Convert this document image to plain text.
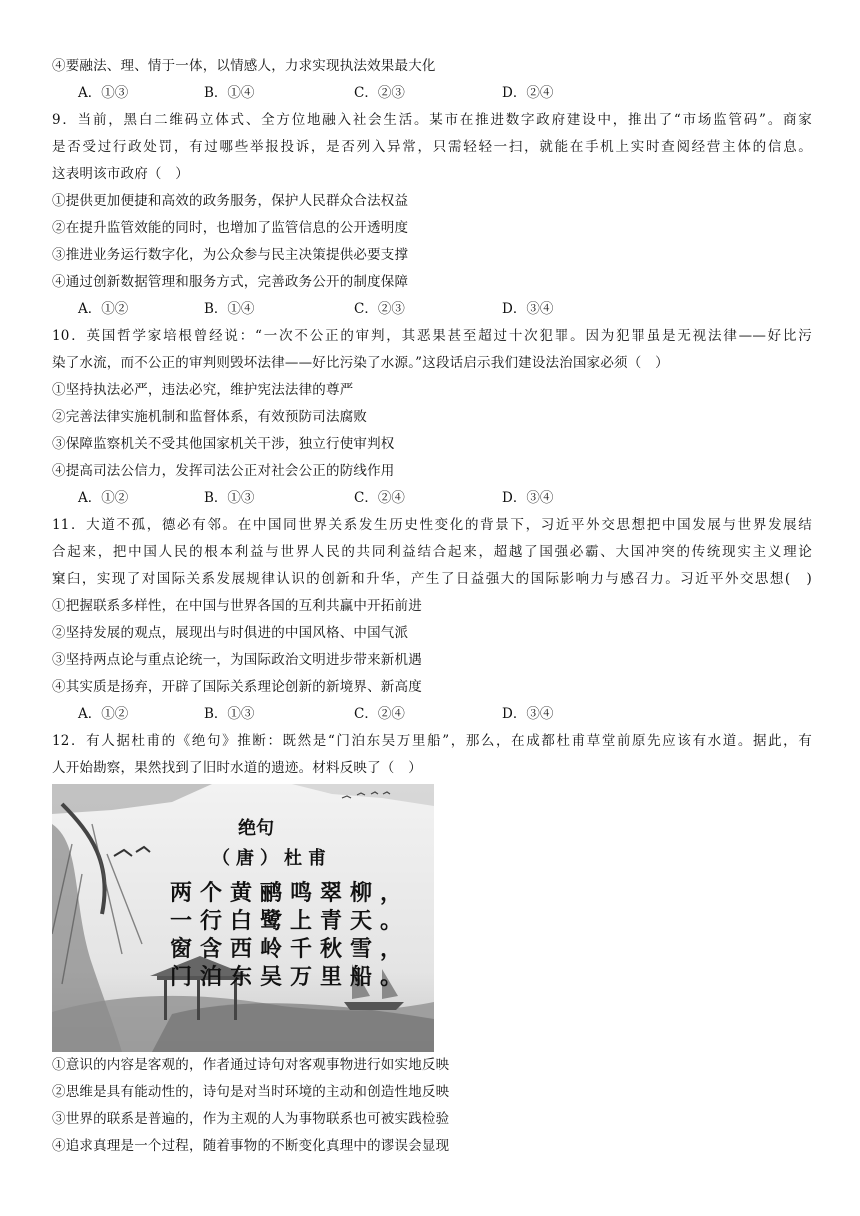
④要融法、理、情于一体，以情感人，力求实现执法效果最大化
A．①③	B．①④	C．②③	D．②④
9．当前，黑白二维码立体式、全方位地融入社会生活。某市在推进数字政府建设中，推出了“市场监管码”。商家
是否受过行政处罚，有过哪些举报投诉，是否列入异常，只需轻轻一扫，就能在手机上实时查阅经营主体的信息。
这表明该市政府（　）
①提供更加便捷和高效的政务服务，保护人民群众合法权益
②在提升监管效能的同时，也增加了监管信息的公开透明度
③推进业务运行数字化，为公众参与民主决策提供必要支撑
④通过创新数据管理和服务方式，完善政务公开的制度保障
A．①②	B．①④	C．②③	D．③④
10．英国哲学家培根曾经说：“一次不公正的审判，其恶果甚至超过十次犯罪。因为犯罪虽是无视法律——好比污
染了水流，而不公正的审判则毁坏法律——好比污染了水源。”这段话启示我们建设法治国家必须（　）
①坚持执法必严，违法必究，维护宪法法律的尊严
②完善法律实施机制和监督体系，有效预防司法腐败
③保障监察机关不受其他国家机关干涉，独立行使审判权
④提高司法公信力，发挥司法公正对社会公正的防线作用
A．①②	B．①③	C．②④	D．③④
11．大道不孤，德必有邻。在中国同世界关系发生历史性变化的背景下，习近平外交思想把中国发展与世界发展结
合起来，把中国人民的根本利益与世界人民的共同利益结合起来，超越了国强必霸、大国冲突的传统现实主义理论
窠臼，实现了对国际关系发展规律认识的创新和升华，产生了日益强大的国际影响力与感召力。习近平外交思想(　)
①把握联系多样性，在中国与世界各国的互利共赢中开拓前进
②坚持发展的观点，展现出与时俱进的中国风格、中国气派
③坚持两点论与重点论统一，为国际政治文明进步带来新机遇
④其实质是扬弃，开辟了国际关系理论创新的新境界、新高度
A．①②	B．①③	C．②④	D．③④
12．有人据杜甫的《绝句》推断：既然是“门泊东吴万里船”，那么，在成都杜甫草堂前原先应该有水道。据此，有
人开始勘察，果然找到了旧时水道的遗迹。材料反映了（　）
绝句
（唐）杜甫
两个黄鹂鸣翠柳，
一行白鹭上青天。
窗含西岭千秋雪，
门泊东吴万里船。
①意识的内容是客观的，作者通过诗句对客观事物进行如实地反映
②思维是具有能动性的，诗句是对当时环境的主动和创造性地反映
③世界的联系是普遍的，作为主观的人为事物联系也可被实践检验
④追求真理是一个过程，随着事物的不断变化真理中的谬误会显现
